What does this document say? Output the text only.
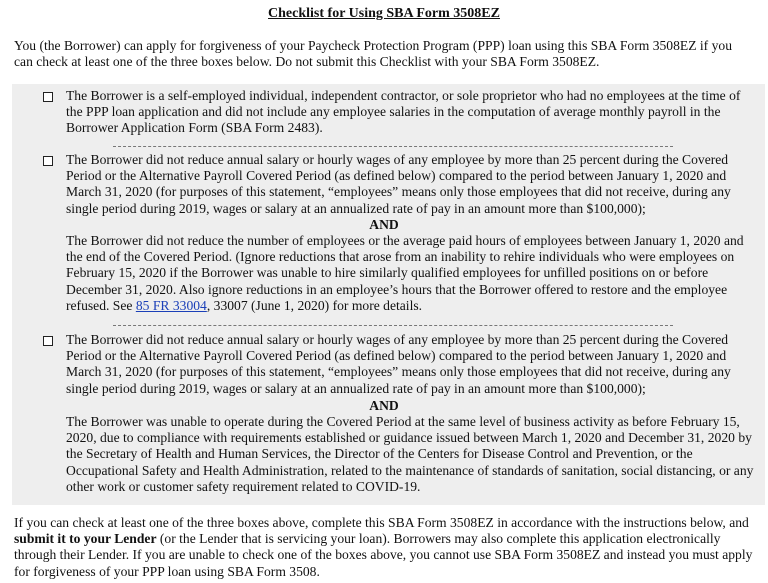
Checklist for Using SBA Form 3508EZ
You (the Borrower) can apply for forgiveness of your Paycheck Protection Program (PPP) loan using this SBA Form 3508EZ if you can check at least one of the three boxes below. Do not submit this Checklist with your SBA Form 3508EZ.

The Borrower is a self-employed individual, independent contractor, or sole proprietor who had no employees at the time of the PPP loan application and did not include any employee salaries in the computation of average monthly payroll in the Borrower Application Form (SBA Form 2483).

The Borrower did not reduce annual salary or hourly wages of any employee by more than 25 percent during the Covered Period or the Alternative Payroll Covered Period (as defined below) compared to the period between January 1, 2020 and March 31, 2020 (for purposes of this statement, “employees” means only those employees that did not receive, during any single period during 2019, wages or salary at an annualized rate of pay in an amount more than $100,000);

AND

The Borrower did not reduce the number of employees or the average paid hours of employees between January 1, 2020 and the end of the Covered Period. (Ignore reductions that arose from an inability to rehire individuals who were employees on February 15, 2020 if the Borrower was unable to hire similarly qualified employees for unfilled positions on or before December 31, 2020. Also ignore reductions in an employee’s hours that the Borrower offered to restore and the employee refused. See 85 FR 33004, 33007 (June 1, 2020) for more details.

The Borrower did not reduce annual salary or hourly wages of any employee by more than 25 percent during the Covered Period or the Alternative Payroll Covered Period (as defined below) compared to the period between January 1, 2020 and March 31, 2020 (for purposes of this statement, “employees” means only those employees that did not receive, during any single period during 2019, wages or salary at an annualized rate of pay in an amount more than $100,000);

AND

The Borrower was unable to operate during the Covered Period at the same level of business activity as before February 15, 2020, due to compliance with requirements established or guidance issued between March 1, 2020 and December 31, 2020 by the Secretary of Health and Human Services, the Director of the Centers for Disease Control and Prevention, or the Occupational Safety and Health Administration, related to the maintenance of standards of sanitation, social distancing, or any other work or customer safety requirement related to COVID-19.

If you can check at least one of the three boxes above, complete this SBA Form 3508EZ in accordance with the instructions below, and submit it to your Lender (or the Lender that is servicing your loan). Borrowers may also complete this application electronically through their Lender. If you are unable to check one of the boxes above, you cannot use SBA Form 3508EZ and instead you must apply for forgiveness of your PPP loan using SBA Form 3508.
